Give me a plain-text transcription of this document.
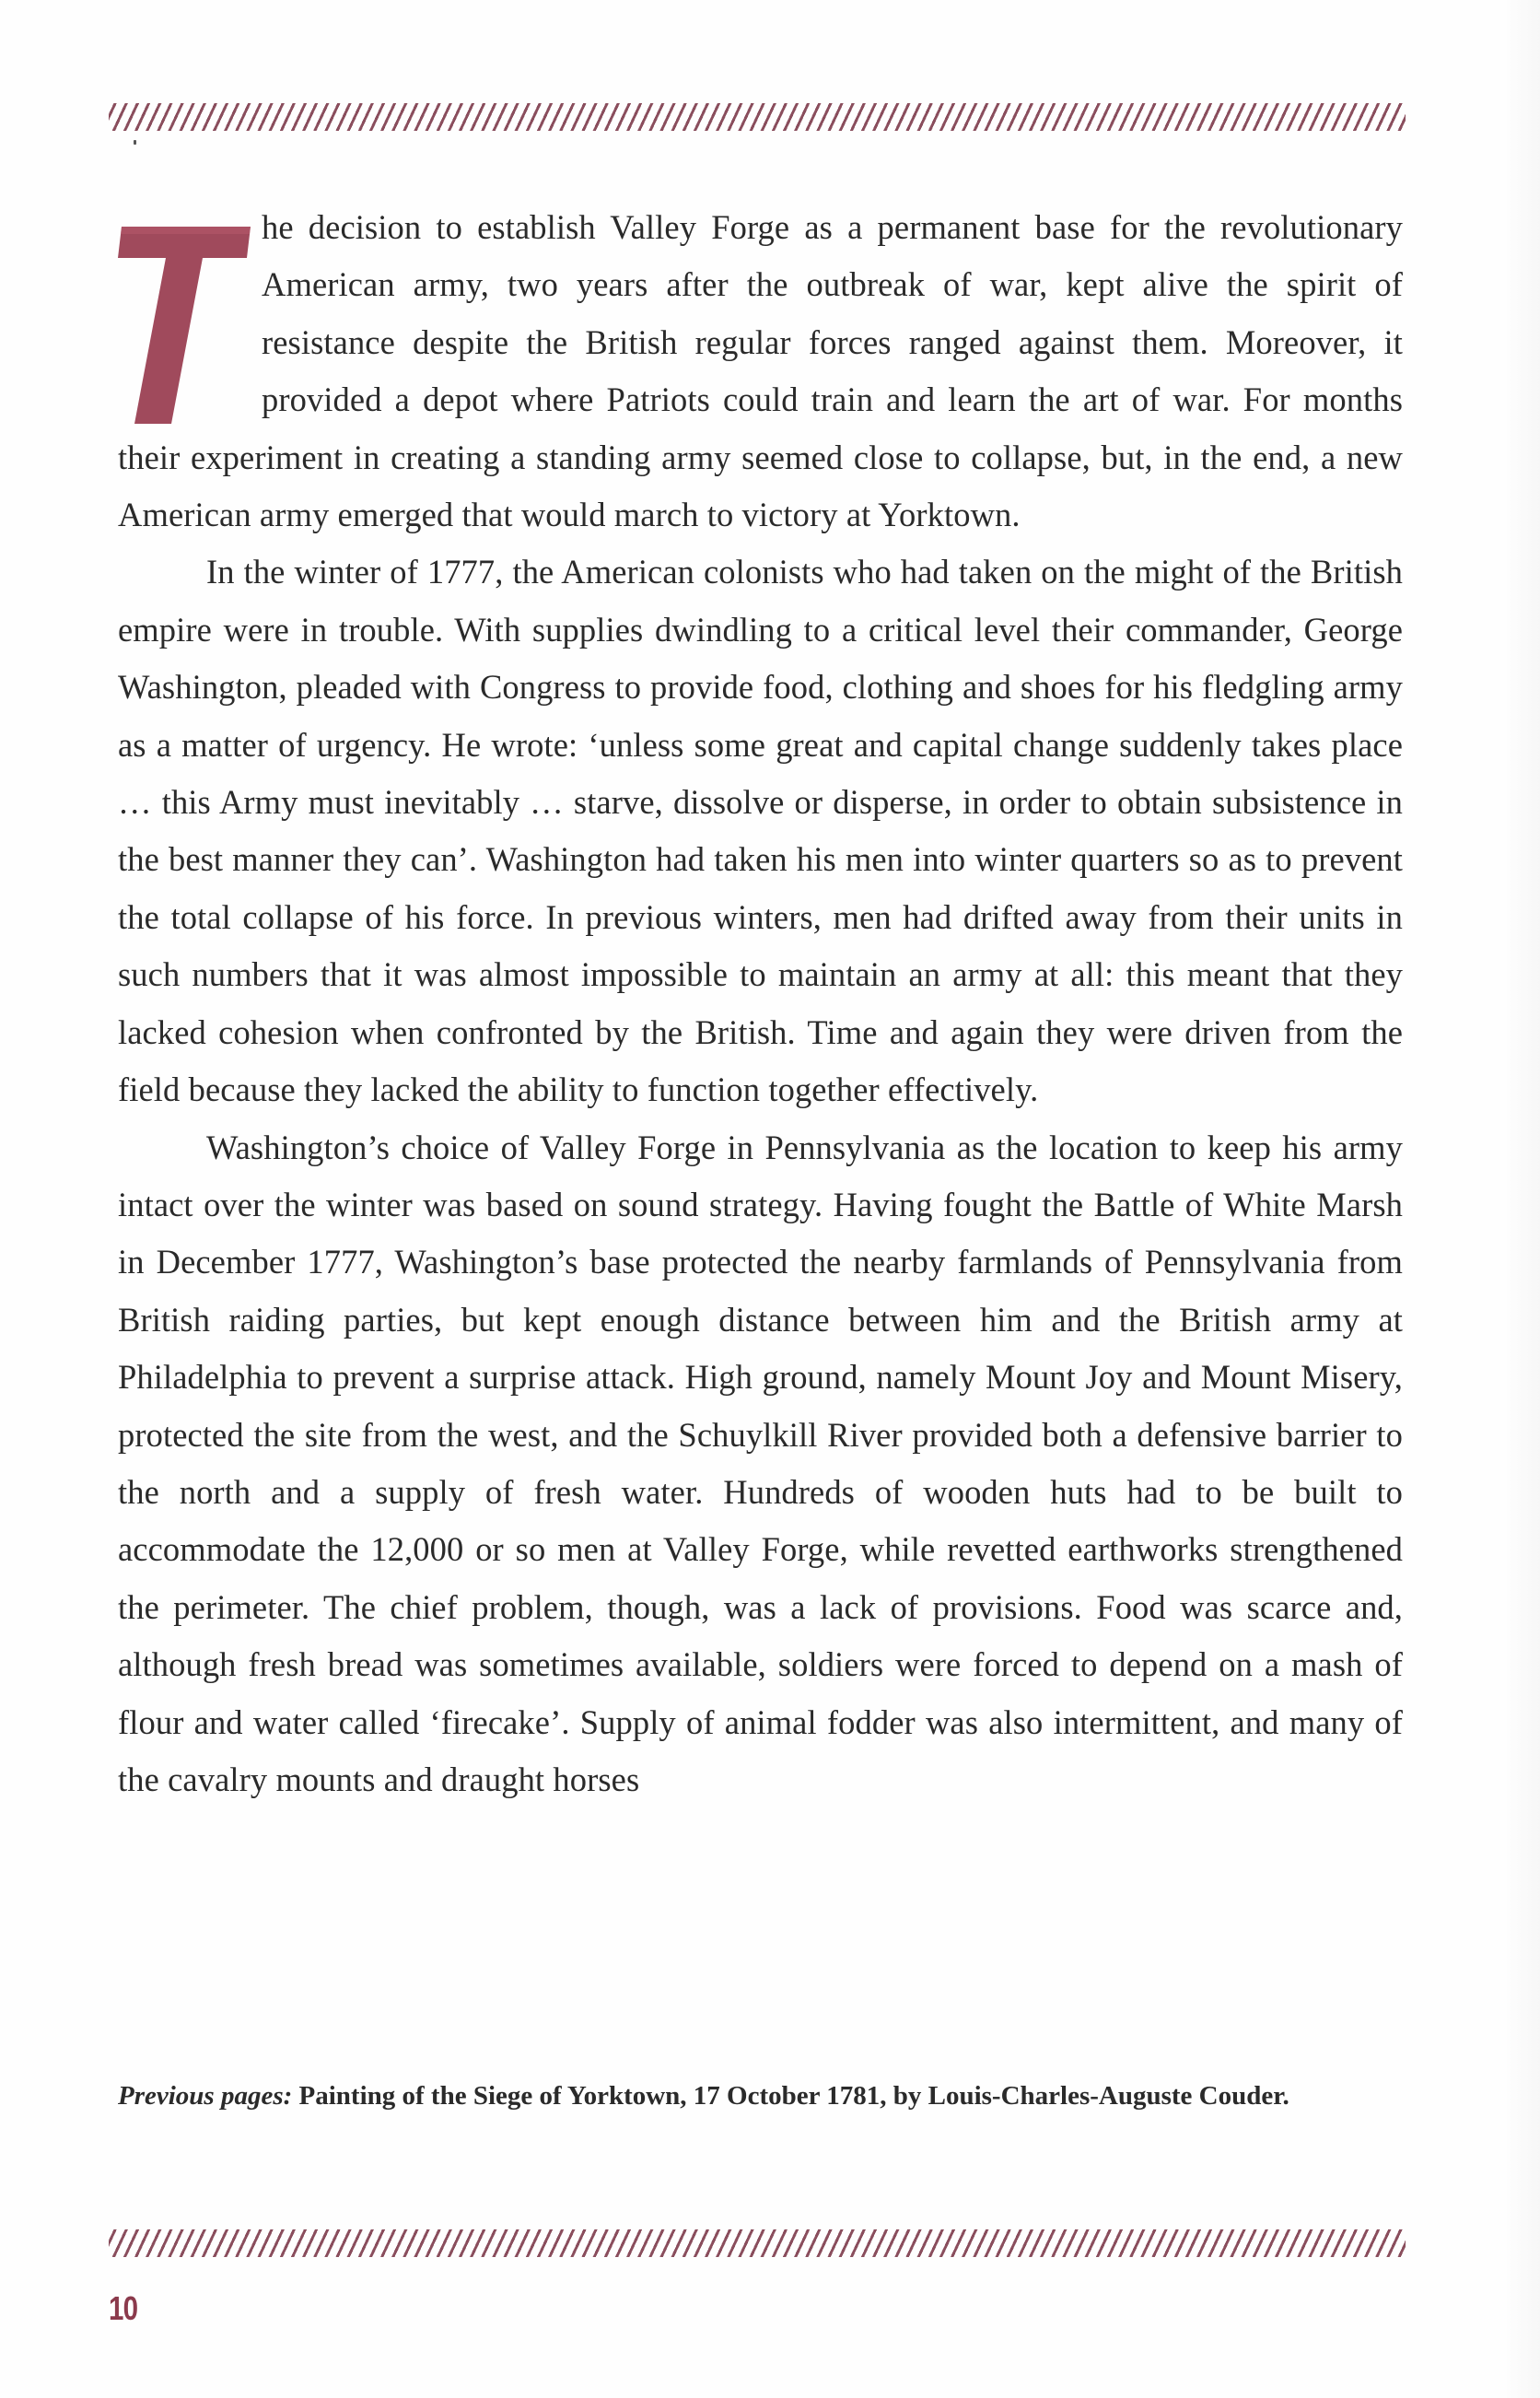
he decision to establish Valley Forge as a permanent base for the revolutionary American army, two years after the outbreak of war, kept alive the spirit of resistance despite the British regular forces ranged against them. Moreover, it provided a depot where Patriots could train and learn the art of war. For months their experiment in creating a standing army seemed close to collapse, but, in the end, a new American army emerged that would march to victory at Yorktown.

In the winter of 1777, the American colonists who had taken on the might of the British empire were in trouble. With supplies dwindling to a critical level their commander, George Washington, pleaded with Congress to provide food, clothing and shoes for his fledgling army as a matter of urgency. He wrote: ‘unless some great and capital change suddenly takes place … this Army must inevitably … starve, dissolve or disperse, in order to obtain subsistence in the best manner they can’. Washington had taken his men into winter quarters so as to prevent the total collapse of his force. In previous winters, men had drifted away from their units in such numbers that it was almost impossible to maintain an army at all: this meant that they lacked cohesion when confronted by the British. Time and again they were driven from the field because they lacked the ability to function together effectively.

Washington’s choice of Valley Forge in Pennsylvania as the location to keep his army intact over the winter was based on sound strategy. Having fought the Battle of White Marsh in December 1777, Washington’s base protected the nearby farmlands of Pennsylvania from British raiding parties, but kept enough distance between him and the British army at Philadelphia to prevent a surprise attack. High ground, namely Mount Joy and Mount Misery, protected the site from the west, and the Schuylkill River provided both a defensive barrier to the north and a supply of fresh water. Hundreds of wooden huts had to be built to accommodate the 12,000 or so men at Valley Forge, while revetted earthworks strengthened the perimeter. The chief problem, though, was a lack of provisions. Food was scarce and, although fresh bread was sometimes available, soldiers were forced to depend on a mash of flour and water called ‘firecake’. Supply of animal fodder was also intermittent, and many of the cavalry mounts and draught horses

Previous pages: Painting of the Siege of Yorktown, 17 October 1781, by Louis-Charles-Auguste Couder.
10
